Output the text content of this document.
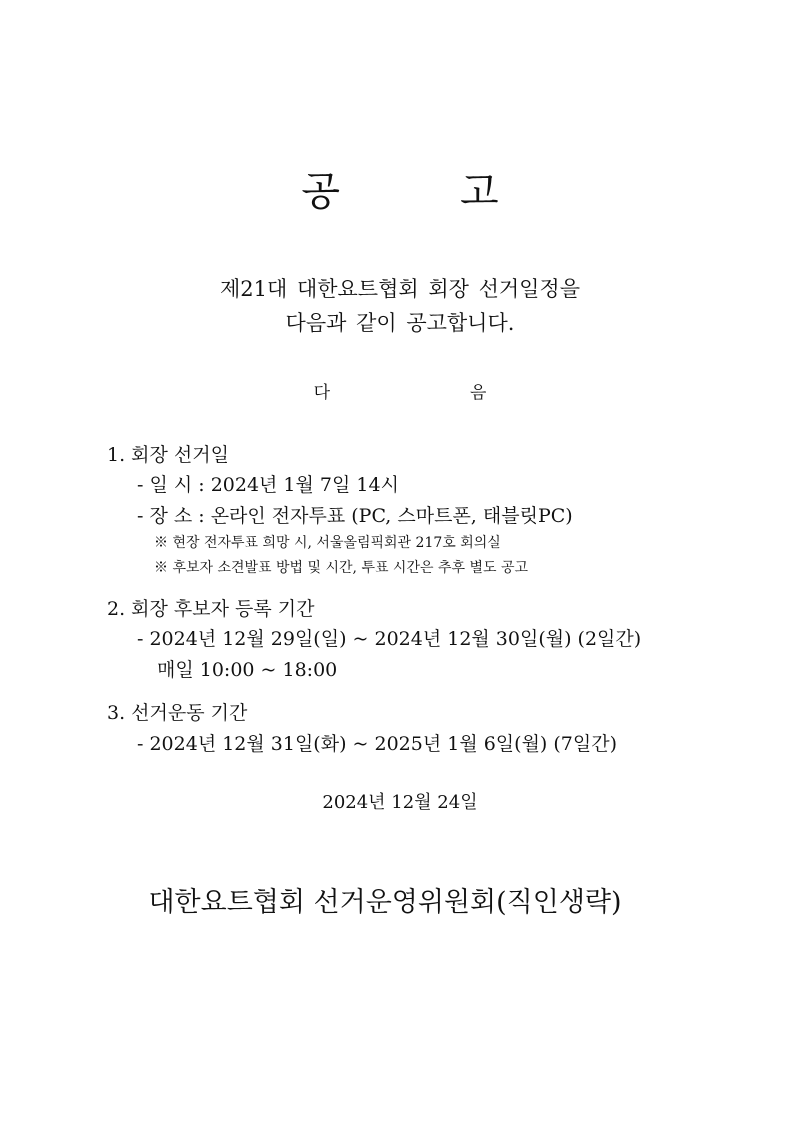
공	고
제21대 대한요트협회 회장 선거일정을
다음과 같이 공고합니다.
다	음
1. 회장 선거일
- 일 시 : 2024년 1월 7일 14시
- 장 소 : 온라인 전자투표 (PC, 스마트폰, 태블릿PC)
※ 현장 전자투표 희망 시, 서울올림픽회관 217호 회의실
※ 후보자 소견발표 방법 및 시간, 투표 시간은 추후 별도 공고
2. 회장 후보자 등록 기간
- 2024년 12월 29일(일) ~ 2024년 12월 30일(월) (2일간)
매일 10:00 ~ 18:00
3. 선거운동 기간
- 2024년 12월 31일(화) ~ 2025년 1월 6일(월) (7일간)
2024년 12월 24일
대한요트협회 선거운영위원회(직인생략)
